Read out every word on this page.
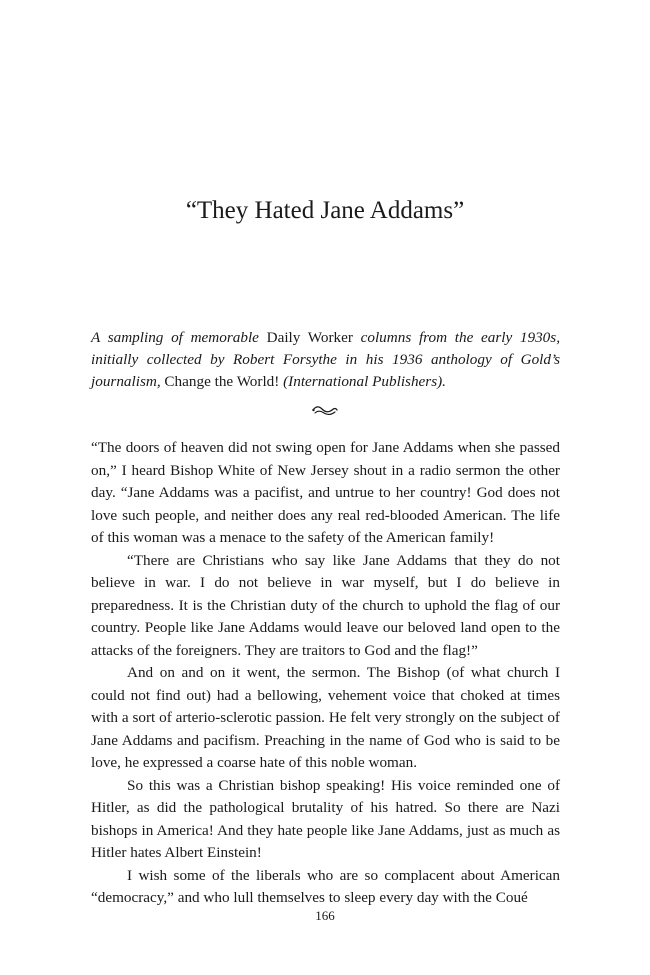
“They Hated Jane Addams”

A sampling of memorable Daily Worker columns from the early 1930s, initially collected by Robert Forsythe in his 1936 anthology of Gold’s journalism, Change the World! (International Publishers).

“The doors of heaven did not swing open for Jane Addams when she passed on,” I heard Bishop White of New Jersey shout in a radio sermon the other day. “Jane Addams was a pacifist, and untrue to her country! God does not love such people, and neither does any real red-blooded American. The life of this woman was a menace to the safety of the American family!

“There are Christians who say like Jane Addams that they do not believe in war. I do not believe in war myself, but I do believe in preparedness. It is the Christian duty of the church to uphold the flag of our country. People like Jane Addams would leave our beloved land open to the attacks of the foreigners. They are traitors to God and the flag!”

And on and on it went, the sermon. The Bishop (of what church I could not find out) had a bellowing, vehement voice that choked at times with a sort of arterio-sclerotic passion. He felt very strongly on the subject of Jane Addams and pacifism. Preaching in the name of God who is said to be love, he expressed a coarse hate of this noble woman.

So this was a Christian bishop speaking! His voice reminded one of Hitler, as did the pathological brutality of his hatred. So there are Nazi bishops in America! And they hate people like Jane Addams, just as much as Hitler hates Albert Einstein!

I wish some of the liberals who are so complacent about American “democracy,” and who lull themselves to sleep every day with the Coué

166
